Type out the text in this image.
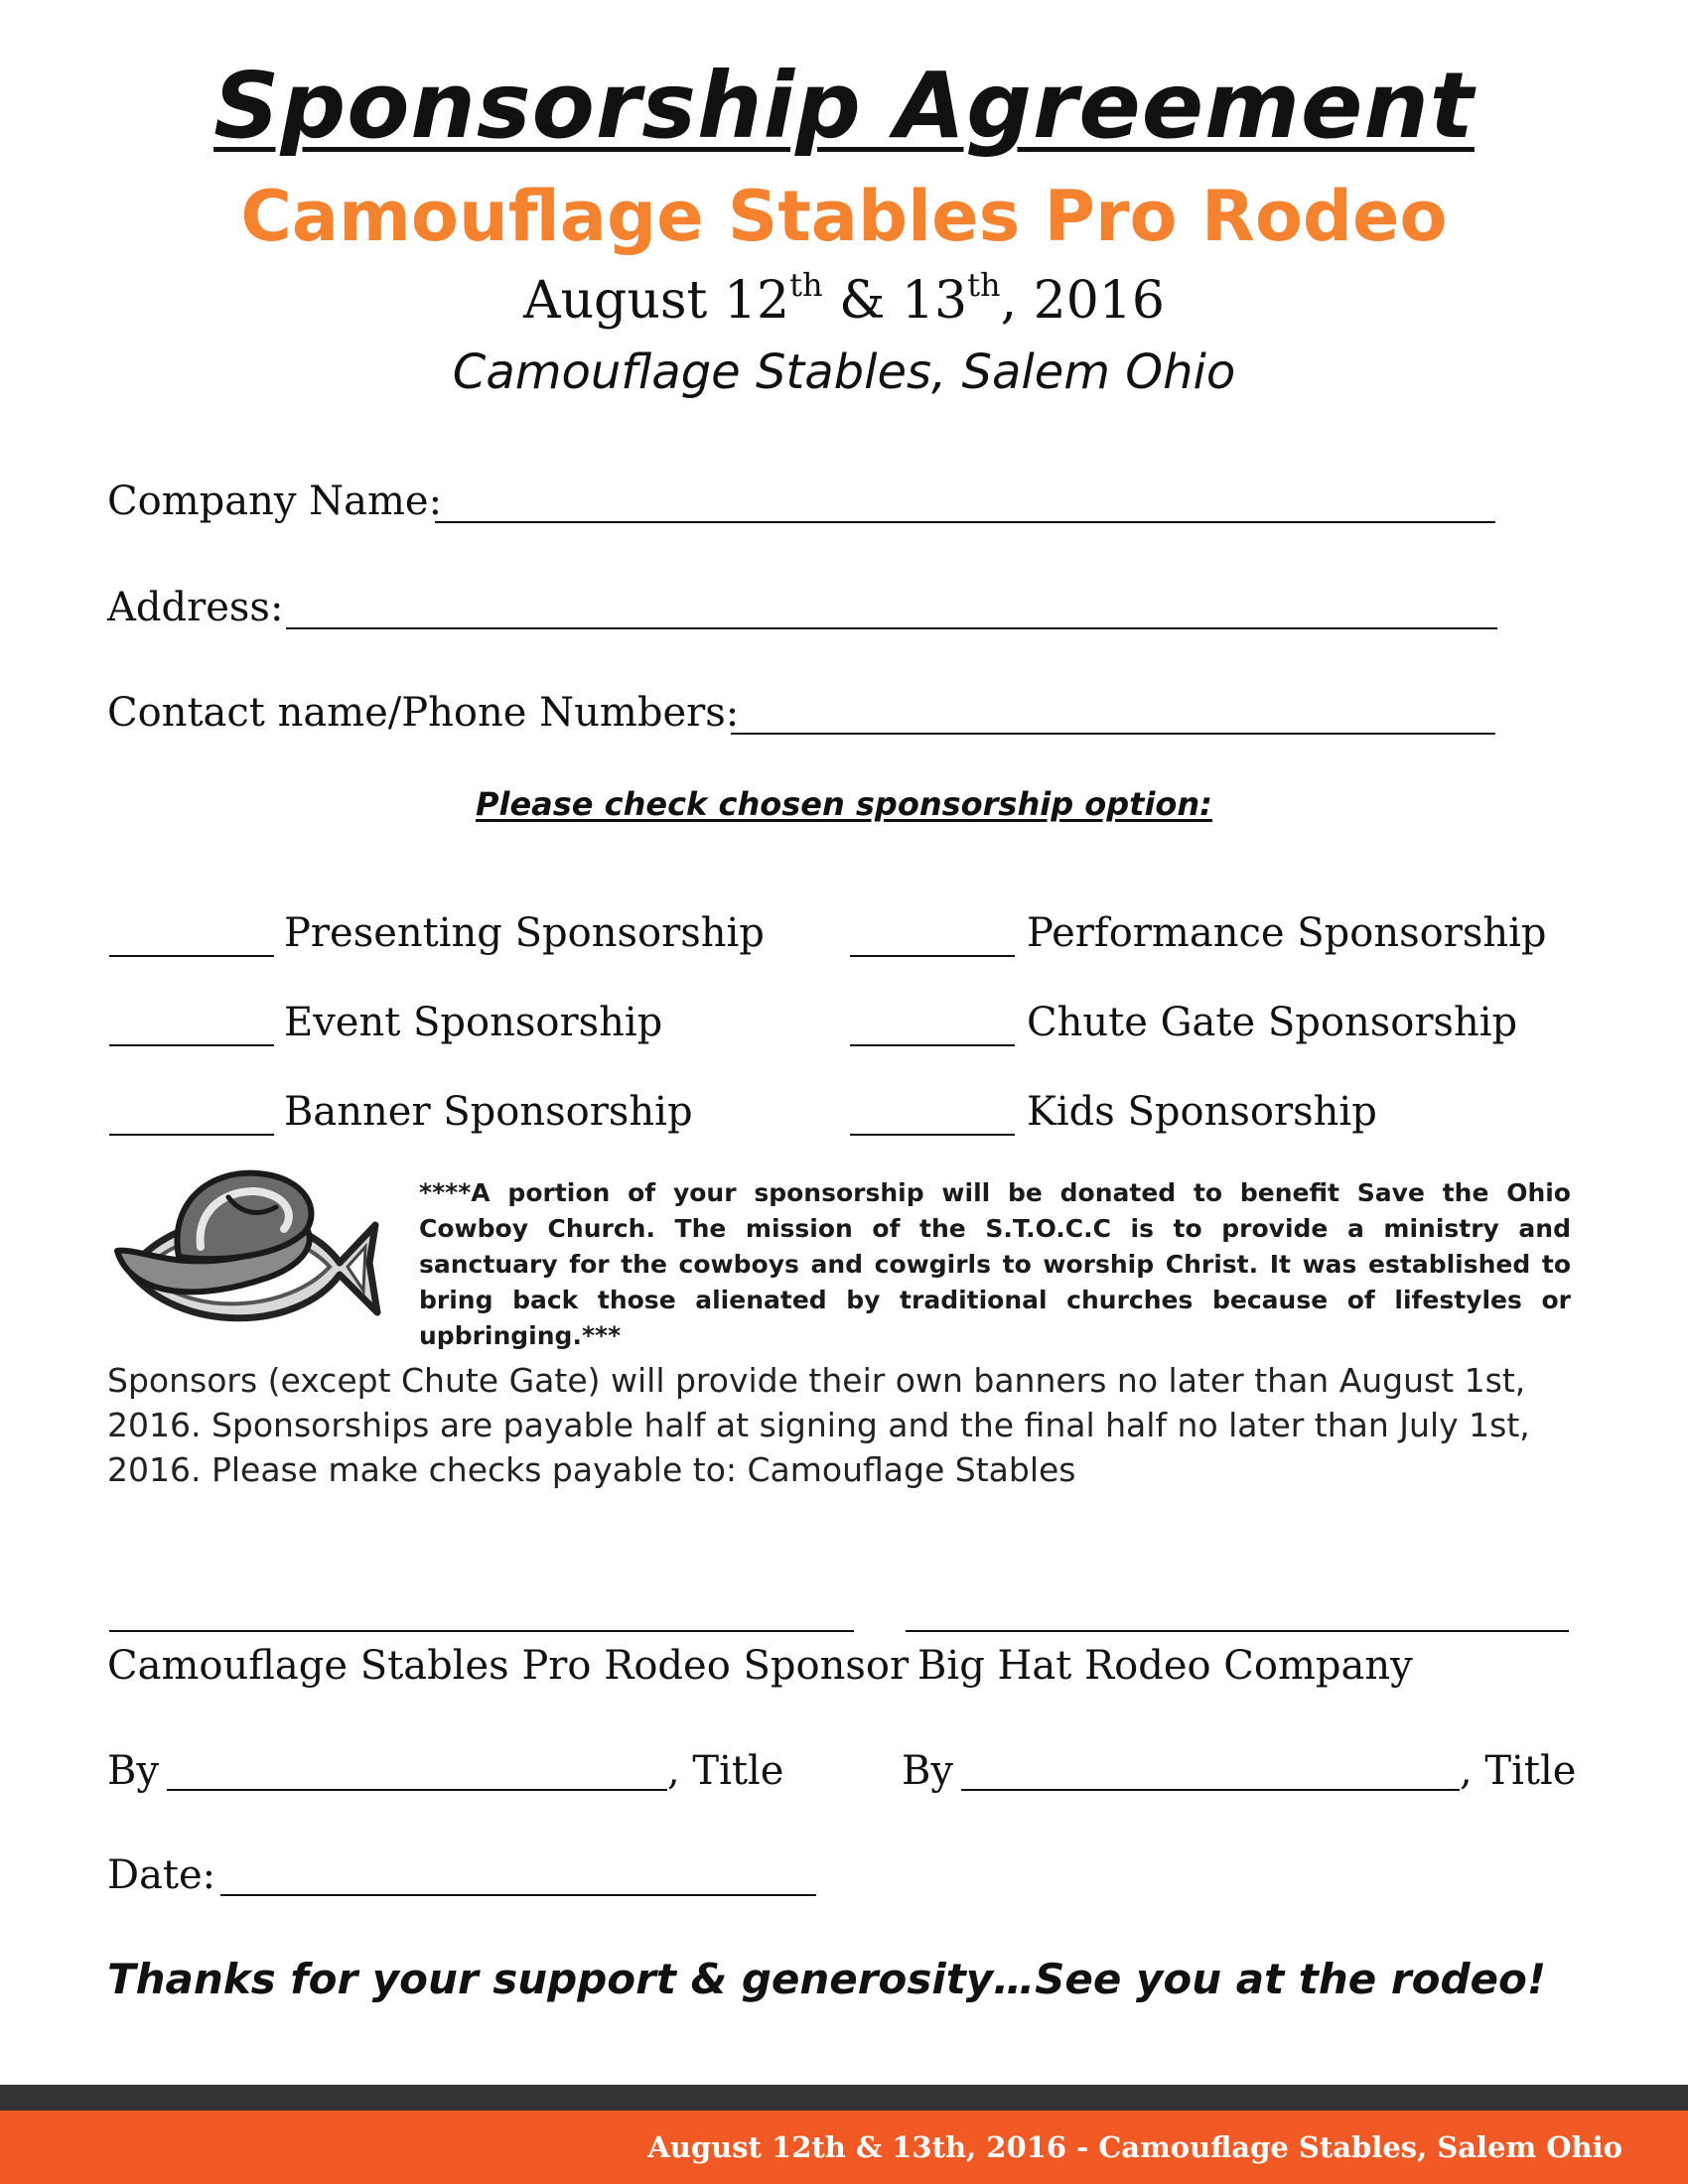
Sponsorship Agreement
Camouflage Stables Pro Rodeo
August 12th & 13th, 2016
Camouflage Stables, Salem Ohio
Company Name:
Address:
Contact name/Phone Numbers:
Please check chosen sponsorship option:
Presenting Sponsorship	Performance Sponsorship
Event Sponsorship	Chute Gate Sponsorship
Banner Sponsorship	Kids Sponsorship
****A portion of your sponsorship will be donated to benefit Save the Ohio Cowboy Church. The mission of the S.T.O.C.C is to provide a ministry and sanctuary for the cowboys and cowgirls to worship Christ. It was established to bring back those alienated by traditional churches because of lifestyles or upbringing.***
Sponsors (except Chute Gate) will provide their own banners no later than August 1st, 2016. Sponsorships are payable half at signing and the final half no later than July 1st, 2016. Please make checks payable to: Camouflage Stables
Camouflage Stables Pro Rodeo Sponsor Big Hat Rodeo Company
By	, Title	By	, Title
Date:
Thanks for your support & generosity…See you at the rodeo!
August 12th & 13th, 2016 - Camouflage Stables, Salem Ohio
